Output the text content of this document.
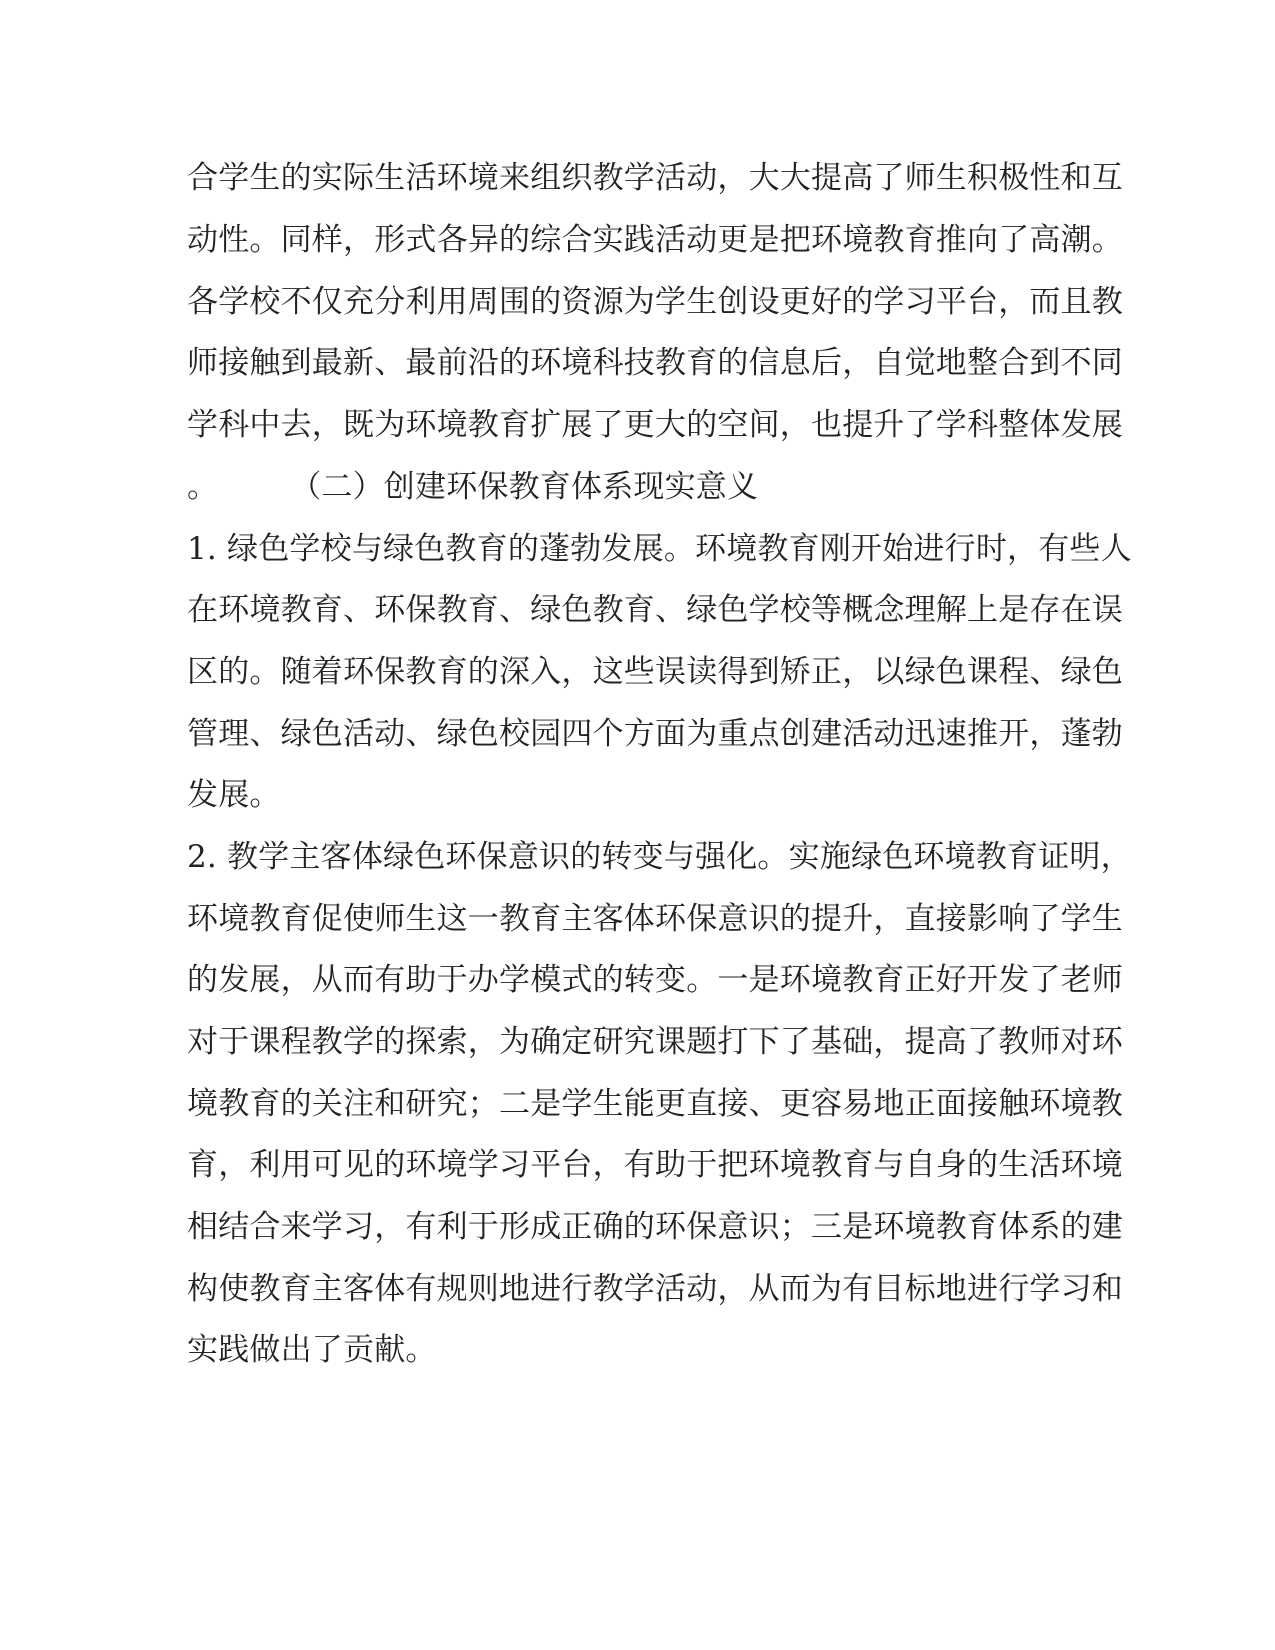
合学生的实际生活环境来组织教学活动，大大提高了师生积极性和互
动性。同样，形式各异的综合实践活动更是把环境教育推向了高潮。
各学校不仅充分利用周围的资源为学生创设更好的学习平台，而且教
师接触到最新、最前沿的环境科技教育的信息后，自觉地整合到不同
学科中去，既为环境教育扩展了更大的空间，也提升了学科整体发展
。 （二）创建环保教育体系现实意义
1. 绿色学校与绿色教育的蓬勃发展。环境教育刚开始进行时，有些人
在环境教育、环保教育、绿色教育、绿色学校等概念理解上是存在误
区的。随着环保教育的深入，这些误读得到矫正，以绿色课程、绿色
管理、绿色活动、绿色校园四个方面为重点创建活动迅速推开，蓬勃
发展。
2. 教学主客体绿色环保意识的转变与强化。实施绿色环境教育证明，
环境教育促使师生这一教育主客体环保意识的提升，直接影响了学生
的发展，从而有助于办学模式的转变。一是环境教育正好开发了老师
对于课程教学的探索，为确定研究课题打下了基础，提高了教师对环
境教育的关注和研究；二是学生能更直接、更容易地正面接触环境教
育，利用可见的环境学习平台，有助于把环境教育与自身的生活环境
相结合来学习，有利于形成正确的环保意识；三是环境教育体系的建
构使教育主客体有规则地进行教学活动，从而为有目标地进行学习和
实践做出了贡献。
